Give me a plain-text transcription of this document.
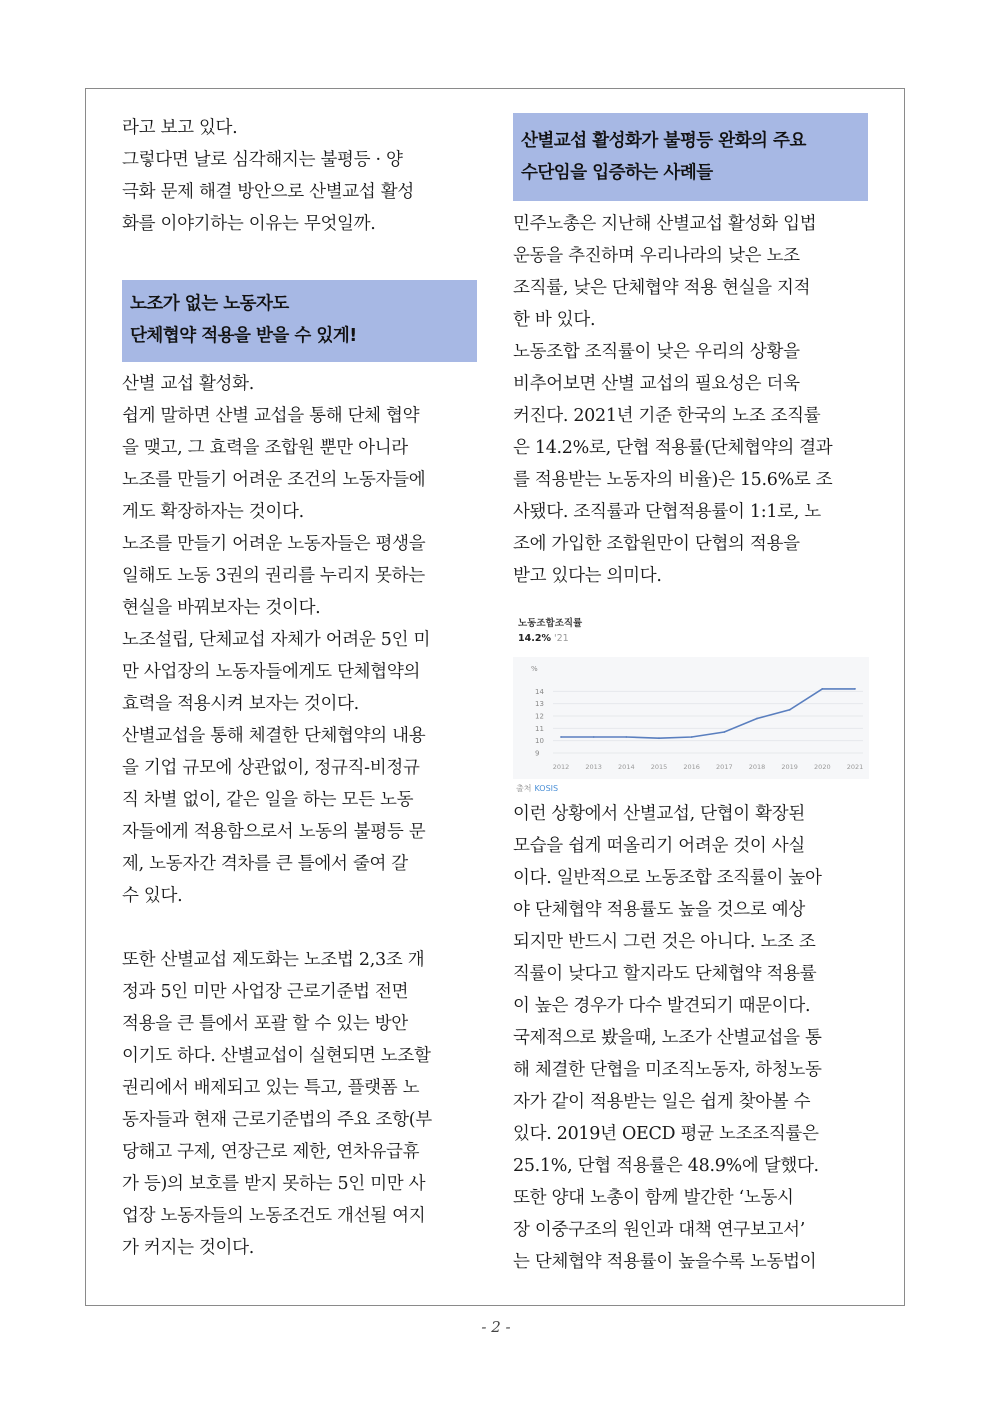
라고 보고 있다.

그렇다면 날로 심각해지는 불평등 · 양
극화 문제 해결 방안으로 산별교섭 활성
화를 이야기하는 이유는 무엇일까.

노조가 없는 노동자도
단체협약 적용을 받을 수 있게!

산별 교섭 활성화.

쉽게 말하면 산별 교섭을 통해 단체 협약
을 맺고, 그 효력을 조합원 뿐만 아니라
노조를 만들기 어려운 조건의 노동자들에
게도 확장하자는 것이다.

노조를 만들기 어려운 노동자들은 평생을
일해도 노동 3권의 권리를 누리지 못하는
현실을 바꿔보자는 것이다.

노조설립, 단체교섭 자체가 어려운 5인 미
만 사업장의 노동자들에게도 단체협약의
효력을 적용시켜 보자는 것이다.

산별교섭을 통해 체결한 단체협약의 내용
을 기업 규모에 상관없이, 정규직-비정규
직 차별 없이, 같은 일을 하는 모든 노동
자들에게 적용함으로서 노동의 불평등 문
제, 노동자간 격차를 큰 틀에서 줄여 갈
수 있다.

또한 산별교섭 제도화는 노조법 2,3조 개
정과 5인 미만 사업장 근로기준법 전면
적용을 큰 틀에서 포괄 할 수 있는 방안
이기도 하다. 산별교섭이 실현되면 노조할
권리에서 배제되고 있는 특고, 플랫폼 노
동자들과 현재 근로기준법의 주요 조항(부
당해고 구제, 연장근로 제한, 연차유급휴
가 등)의 보호를 받지 못하는 5인 미만 사
업장 노동자들의 노동조건도 개선될 여지
가 커지는 것이다.

산별교섭 활성화가 불평등 완화의 주요
수단임을 입증하는 사례들

민주노총은 지난해 산별교섭 활성화 입법
운동을 추진하며 우리나라의 낮은 노조
조직률, 낮은 단체협약 적용 현실을 지적
한 바 있다.

노동조합 조직률이 낮은 우리의 상황을
비추어보면 산별 교섭의 필요성은 더욱
커진다. 2021년 기준 한국의 노조 조직률
은 14.2%로, 단협 적용률(단체협약의 결과
를 적용받는 노동자의 비율)은 15.6%로 조
사됐다. 조직률과 단협적용률이 1:1로, 노
조에 가입한 조합원만이 단협의 적용을
받고 있다는 의미다.

이런 상황에서 산별교섭, 단협이 확장된
모습을 쉽게 떠올리기 어려운 것이 사실
이다. 일반적으로 노동조합 조직률이 높아
야 단체협약 적용률도 높을 것으로 예상
되지만 반드시 그런 것은 아니다. 노조 조
직률이 낮다고 할지라도 단체협약 적용률
이 높은 경우가 다수 발견되기 때문이다.

국제적으로 봤을때, 노조가 산별교섭을 통
해 체결한 단협을 미조직노동자, 하청노동
자가 같이 적용받는 일은 쉽게 찾아볼 수
있다. 2019년 OECD 평균 노조조직률은
25.1%, 단협 적용률은 48.9%에 달했다.

또한 양대 노총이 함께 발간한 ‘노동시
장 이중구조의 원인과 대책 연구보고서’
는 단체협약 적용률이 높을수록 노동법이

노동조합조직률
14.2% '21
%
9
10
11
12
13
14
2012 2013 2014 2015 2016 2017 2018 2019 2020 2021
출처 KOSIS
- 2 -
